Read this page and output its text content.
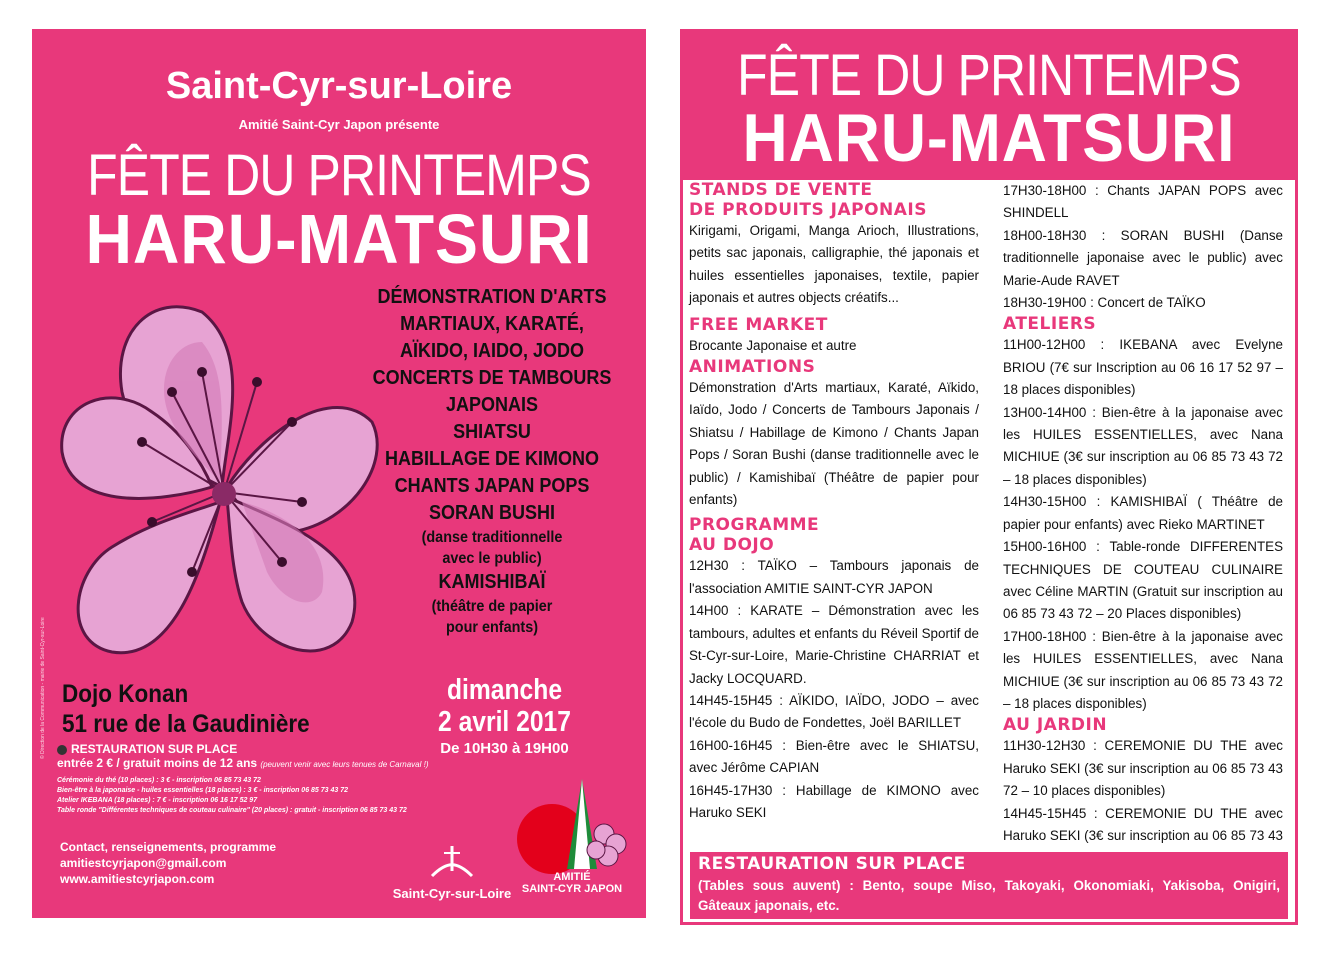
Saint-Cyr-sur-Loire
Amitié Saint-Cyr Japon présente
FÊTE DU PRINTEMPS
HARU-MATSURI
DÉMONSTRATION D'ARTS
MARTIAUX, KARATÉ,
AÏKIDO, IAIDO, JODO
CONCERTS DE TAMBOURS
JAPONAIS
SHIATSU
HABILLAGE DE KIMONO
CHANTS JAPAN POPS
SORAN BUSHI
(danse traditionnelle
avec le public)
KAMISHIBAÏ
(théâtre de papier
pour enfants)
Dojo Konan
51 rue de la Gaudinière
dimanche
2 avril 2017
De 10H30 à 19H00
RESTAURATION SUR PLACE
entrée 2 € / gratuit moins de 12 ans (peuvent venir avec leurs tenues de Carnaval !)
Cérémonie du thé (10 places) : 3 € - inscription 06 85 73 43 72
Bien-être à la japonaise - huiles essentielles (18 places) : 3 € - inscription 06 85 73 43 72
Atelier IKEBANA (18 places) : 7 € - inscription 06 16 17 52 97
Table ronde "Différentes techniques de couteau culinaire" (20 places) : gratuit - inscription 06 85 73 43 72
© Direction de la Communication - mairie de Saint-Cyr-sur-Loire
Contact, renseignements, programme
amitiestcyrjapon@gmail.com
www.amitiestcyrjapon.com
Saint-Cyr-sur-Loire
AMITIÉ
SAINT-CYR JAPON
FÊTE DU PRINTEMPS
HARU-MATSURI
STANDS DE VENTE
DE PRODUITS JAPONAIS

Kirigami, Origami, Manga Arioch, Illustrations, petits sac japonais, calligraphie, thé japonais et huiles essentielles japonaises, textile, papier japonais et autres objects créatifs...

FREE MARKET

Brocante Japonaise et autre

ANIMATIONS

Démonstration d'Arts martiaux, Karaté, Aïkido, Iaïdo, Jodo / Concerts de Tambours Japonais / Shiatsu / Habillage de Kimono / Chants Japan Pops / Soran Bushi (danse traditionnelle avec le public) / Kamishibaï (Théâtre de papier pour enfants)

PROGRAMME
AU DOJO

12H30 : TAÏKO – Tambours japonais de l'association AMITIE SAINT-CYR JAPON

14H00 : KARATE – Démonstration avec les tambours, adultes et enfants du Réveil Sportif de St-Cyr-sur-Loire, Marie-Christine CHARRIAT et Jacky LOCQUARD.

14H45-15H45 : AÏKIDO, IAÏDO, JODO – avec l'école du Budo de Fondettes, Joël BARILLET

16H00-16H45 : Bien-être avec le SHIATSU, avec Jérôme CAPIAN

16H45-17H30 : Habillage de KIMONO avec Haruko SEKI

17H30-18H00 : Chants JAPAN POPS avec SHINDELL

18H00-18H30 : SORAN BUSHI (Danse traditionnelle japonaise avec le public) avec Marie-Aude RAVET

18H30-19H00 : Concert de TAÏKO

ATELIERS

11H00-12H00 : IKEBANA avec Evelyne BRIOU (7€ sur Inscription au 06 16 17 52 97 – 18 places disponibles)

13H00-14H00 : Bien-être à la japonaise avec les HUILES ESSENTIELLES, avec Nana MICHIUE (3€ sur inscription au 06 85 73 43 72 – 18 places disponibles)

14H30-15H00 : KAMISHIBAÏ ( Théâtre de papier pour enfants) avec Rieko MARTINET

15H00-16H00 : Table-ronde DIFFERENTES TECHNIQUES DE COUTEAU CULINAIRE avec Céline MARTIN (Gratuit sur inscription au 06 85 73 43 72 – 20 Places disponibles)

17H00-18H00 : Bien-être à la japonaise avec les HUILES ESSENTIELLES, avec Nana MICHIUE (3€ sur inscription au 06 85 73 43 72 – 18 places disponibles)

AU JARDIN

11H30-12H30 : CEREMONIE DU THE avec Haruko SEKI (3€ sur inscription au 06 85 73 43 72 – 10 places disponibles)

14H45-15H45 : CEREMONIE DU THE avec Haruko SEKI (3€ sur inscription au 06 85 73 43

RESTAURATION SUR PLACE

(Tables sous auvent) : Bento, soupe Miso, Takoyaki, Okonomiaki, Yakisoba, Onigiri, Gâteaux japonais, etc.
